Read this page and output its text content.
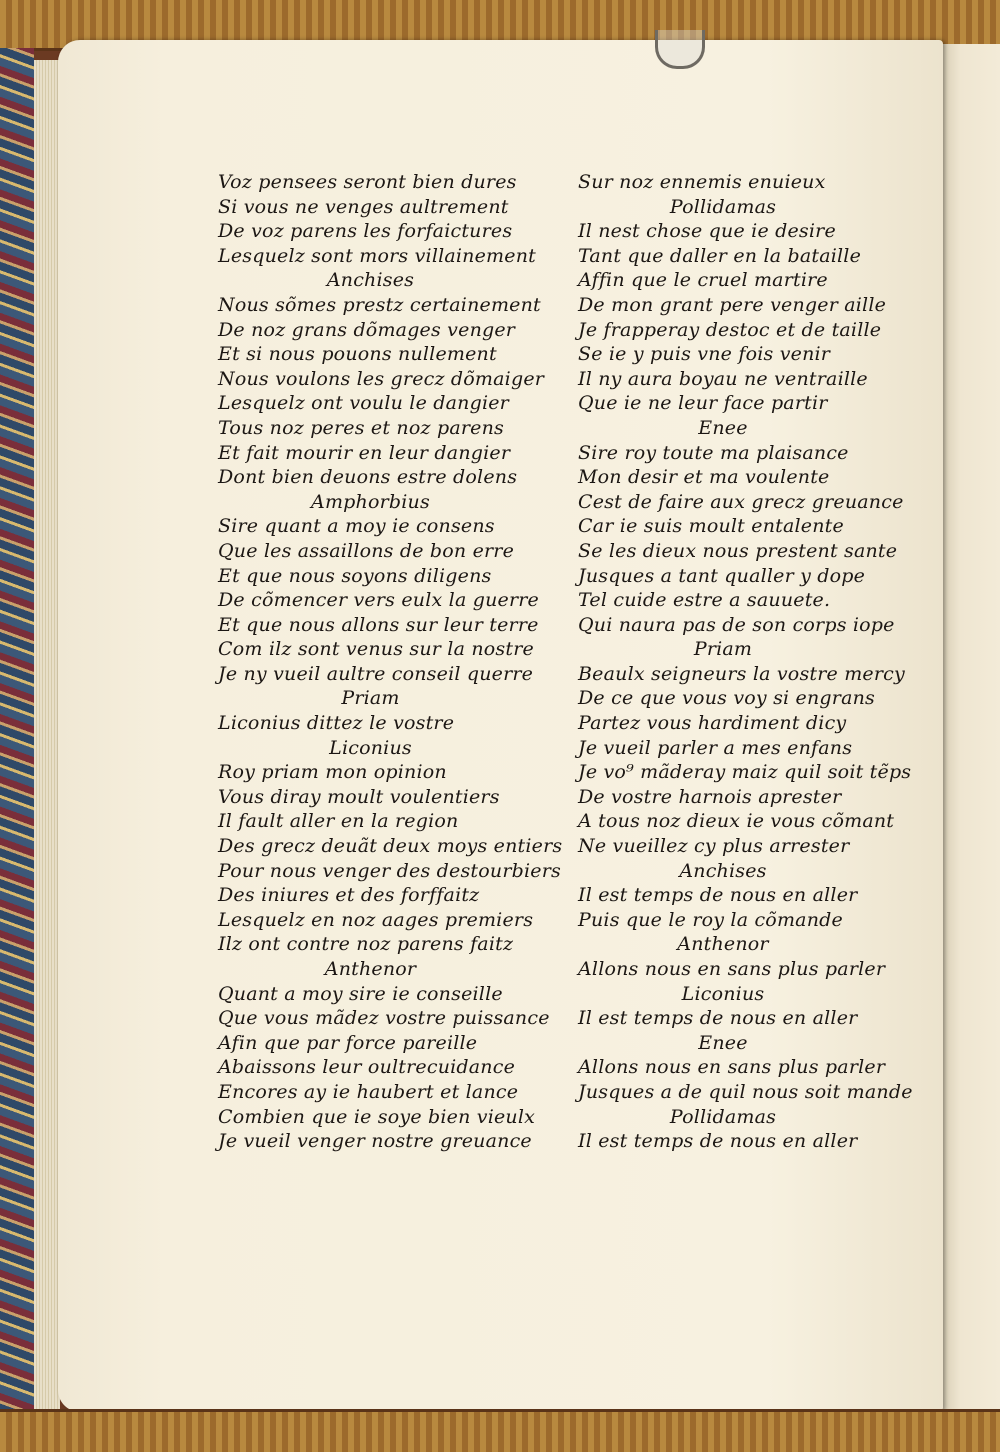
Voz pensees seront bien dures
Si vous ne venges aultrement
De voz parens les forfaictures
Lesquelz sont mors villainement
Anchises
Nous sõmes prestz certainement
De noz grans dõmages venger
Et si nous pouons nullement
Nous voulons les grecz dõmaiger
Lesquelz ont voulu le dangier
Tous noz peres et noz parens
Et fait mourir en leur dangier
Dont bien deuons estre dolens
Amphorbius
Sire quant a moy ie consens
Que les assaillons de bon erre
Et que nous soyons diligens
De cõmencer vers eulx la guerre
Et que nous allons sur leur terre
Com ilz sont venus sur la nostre
Je ny vueil aultre conseil querre
Priam
Liconius dittez le vostre
Liconius
Roy priam mon opinion
Vous diray moult voulentiers
Il fault aller en la region
Des grecz deuãt deux moys entiers
Pour nous venger des destourbiers
Des iniures et des forffaitz
Lesquelz en noz aages premiers
Ilz ont contre noz parens faitz
Anthenor
Quant a moy sire ie conseille
Que vous mãdez vostre puissance
Afin que par force pareille
Abaissons leur oultrecuidance
Encores ay ie haubert et lance
Combien que ie soye bien vieulx
Je vueil venger nostre greuance
Sur noz ennemis enuieux
Pollidamas
Il nest chose que ie desire
Tant que daller en la bataille
Affin que le cruel martire
De mon grant pere venger aille
Je frapperay destoc et de taille
Se ie y puis vne fois venir
Il ny aura boyau ne ventraille
Que ie ne leur face partir
Enee
Sire roy toute ma plaisance
Mon desir et ma voulente
Cest de faire aux grecz greuance
Car ie suis moult entalente
Se les dieux nous prestent sante
Jusques a tant qualler y dope
Tel cuide estre a sauuete.
Qui naura pas de son corps iope
Priam
Beaulx seigneurs la vostre mercy
De ce que vous voy si engrans
Partez vous hardiment dicy
Je vueil parler a mes enfans
Je vo⁹ mãderay maiz quil soit tẽps
De vostre harnois aprester
A tous noz dieux ie vous cõmant
Ne vueillez cy plus arrester
Anchises
Il est temps de nous en aller
Puis que le roy la cõmande
Anthenor
Allons nous en sans plus parler
Liconius
Il est temps de nous en aller
Enee
Allons nous en sans plus parler
Jusques a de quil nous soit mande
Pollidamas
Il est temps de nous en aller
